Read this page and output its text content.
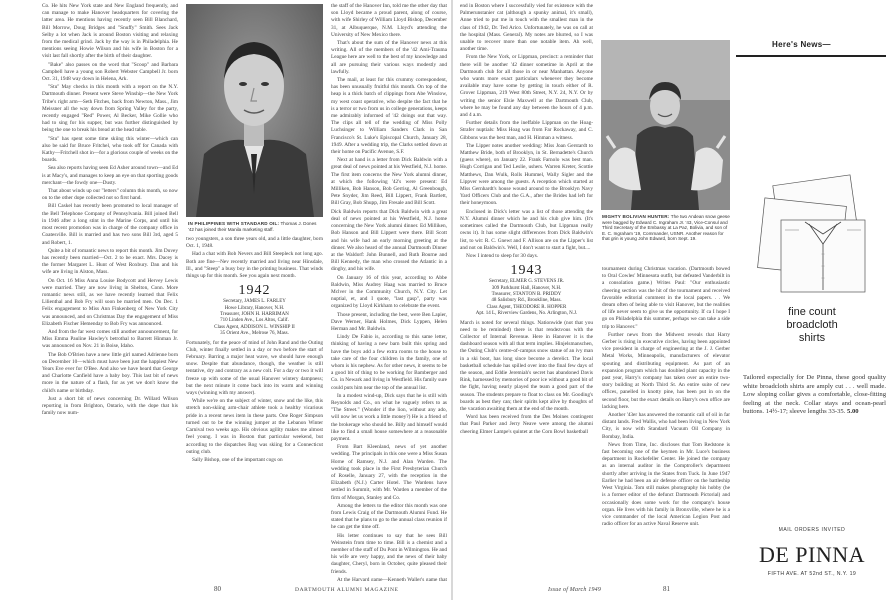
Co. He hits New York state and New England frequently, and can manage to make Hanover headquarters for covering the latter area. He mentions having recently seen Bill Blanchard, Bill Morrow, Doug Bridges and "Snuffy" Smith. Sees Jack Selby a lot when Jack is around Boston visiting and relaxing from the medical grind. Jack by the way is in Philadelphia. He mentions seeing Howie Wilson and his wife in Boston for a visit last fall shortly after the birth of their daughter.

"Bake" also passes on the word that "Scoop" and Barbara Campbell have a young son Robert Webster Campbell Jr. born Oct. 31, 1948 way down in Helena, Ark.

"Stu" May checks in this month with a report on the N.Y. Dartmouth dinner. Present were Steve Winship—the New York Tribe's right arm—Seth Fitches, back from Newton, Mass., Jim Meissner all the way down from Spring Valley for the party, recently engaged "Red" Power, Al Becker, Mike Gollie who had to sing for his supper, but was further distinguished by being the one to break his bread at the head table.

"Stu" has spent some time skiing this winter—which can also be said for Bruce Fritchel, who took off for Canada with Kathy—Fritchell shot in—for a glorious couple of weeks on the boards.

Sea also reports having seen Ed Asher around town—and Ed is at Macy's, and manages to keep an eye on that sporting goods merchant—the fowdy one—Dusty.

That about winds up our "letters" column this month, so now on to the other dope collected not so first hand.

Bill Caskel has recently been promoted to local manager of the Bell Telephone Company of Pennsylvania. Bill joined Bell in 1946 after a long stint in the Marine Corps, and until his most recent promotion was in charge of the company office in Coatesville. Bill is married and has two sons Bill 3rd, aged 5 and Robert, 1.

Quite a bit of romantic news to report this month. Jim Duvey has recently been married—Oct. 2 to be exact. Mrs. Dacey is the former Margaret L. Hunt of West Roxbury. Dan and his wife are living in Alston, Mass.

On Oct. 16 Miss Anna Louise Bodycott and Hervey Lewis were married. They are now living in Shelton, Conn. More romantic news still, as we have recently learned that Felix Lilienthal and Bob Fry will soon be married men. On Dec. 1 Felix engagement to Miss Ann Finkenberg of New York City was announced, and on Christmas Day the engagement of Miss Elizabeth Fischer Hemenday to Bob Fry was announced.

And from the far west comes still another announcement, for Miss Emma Pauline Hawley's betrothal to Barrett Hinman Jr. was announced on Nov. 21 in Boise, Idaho.

The Bob O'Brien have a new little girl named Adrienne born on December 10—which must have been just the happiest New Years Eve ever for O'Bee. And also we have heard that George and Charlotte Canfield have a baby boy. This last bit of news more in the nature of a flash, for as yet we don't know the child's name or birthday.

Just a short bit of news concerning Dr. Willard Wilson reporting in from Brighton, Ontario, with the dope that his family now num-

IN PHILIPPINES WITH STANDARD OIL: Thomas J. Dones '42 has joined their Manila marketing staff.

two youngsters, a son three years old, and a little daughter, born Oct. 1, 1948.

Had a chat with Bob Nevers and Bill Steepleck not long ago. Both are fine—Nev recently married and living near Hinsdale, Ill., and "Steep" a busy boy in the printing business. That winds things up for this month. See you again next month.

1942
Secretary, JAMES L. FARLEY
Howe Library, Hanover, N.H.
Treasurer, JOHN H. HARRIMAN
710 Linden Ave., Los Altos, Calif.
Class Agent, ADDISON L. WINSHIP II
35 Orient Ave., Melrose 76, Mass.

Fortunately, for the peace of mind of John Rand and the Outing Club, winter finally settled in a day or two before the start of February. Barring a major heat wave, we should have enough snow. Despite that abundance, though, the weather is still tentative, dry and contrary as a new colt. For a day or two it will freeze up with some of the usual Hanover wintery dampness; but the next minute it come back into its warm and winning ways (winning with my answer).

While we're on the subject of winter, snow and the like, this stretch non-skiing arm-chair athlete took a healthy vicarious pride in a recent news item in these parts. One Roger Simpson turned out to be the winning jumper at the Lebanon Winter Carnival two weeks ago. His obvious agility makes me almost feel young. I was in Boston that particular weekend, but according to the dispatches Rog was skiing for a Connecticut outing club.

Sally Bishop, one of the important cogs on

the staff of the Hanover Inn, told me the other day that son Lloyd became a proud parent, along of course, with wife Shirley of William Lloyd Bishop, December 31, at Albuquerque, N.M. Lloyd's attending the University of New Mexico there.

That's about the sum of the Hanover news at this writing. All of the members of the '42 Ami-Trauma League here are well to the best of my knowledge and all are pursuing their various ways modestly and lawfully.

The mail, at least for this crummy correspondent, has been unusually fruitful this month. On top of the heap is a thick batch of clippings from Abe Winslow, my west coast operative, who despite the fact that he is a terror or two from us in college generations, keeps me admirably informed of '42 doings out that way. The clips all tell of the wedding of Miss Polly Luchsinger to William Sanders Clark in San Francisco's St. Luke's Episcopal Church, January 28, 1949. After a wedding trip, the Clarks settled down at their home on Pacific Avenue, S.F.

Next at hand is a letter from Dick Baldwin with a great deal of news pointed at his Westfield, N.J. home. The first item concerns the New York alumni dinner, at which the following '42's were present: Ed Milliken, Bob Hanson, Bob Gerrisg, Al Greenbough, Pete Snyder, Jim Reed, Bill Lippert, Frank Bartlett, Bill Gray, Bob Shupp, Jim Fresale and Bill Scott.

Dick Baldwin reports that Dick Baldwin with a great deal of news pointed at his Westfield, N.J. home concerning the New York alumni dinner. Ed Milliken, Bob Hanson and Bill Lippert were there. Bill Scott and his wife had an early morning greeting at the dinner. We also heard of the annual Dartmouth Dinner at the Waldorf: John Bunnell, and Ruth Bourne and Bill Kennedy, the man who crossed the Atlantic in a dinghy, and his wife.

On January 16 of this year, according to Abbe Baldwin, Miss Audrey Haag was married to Bruce Mclver in the Community Church, N.Y. City. Let nuptial, et, and I quote, "last gasp", party was organized by Lloyd Kirkham to celebrate the event.

Those present, including the best, were Ben Lapier, Dave Werner, Hank Holmes, Dick Lyppen, Helen Herman and Mr. Baldwin.

Lindy De Fabio is, according to this same letter, thinking of having a new barn built this spring and have the boys add a few extra rooms to the house to take care of the four children in the family, one of whom is his nephew. As for other news, it seems to be a good bit of thing to be working for Bamberger and Co. in Newark and living in Westfield. His family sure could puts him near the top of the annual list.

In a modest wind-up, Dick says that he is still with Reynolds and Co., on what he vaguely refers to as "The Street." (Wonder if the lion, without any ado, will now let us work a little money?) He is a friend of the brokerage who should be. Billy and himself would like to find a small house somewhere at a reasonable payment.

From Bart Kleenland, news of yet another wedding. The principals in this one were a Miss Susan Horne of Ramsey, N.J. and Alan Warden. The wedding took place in the First Presbyterian Church of Roselle, January 27, with the reception in the Elizabeth (N.J.) Carter Hotel. The Wardens have settled in Summit, with Mr. Warden a member of the firm of Morgan, Stanley and Co.

Among the letters to the editor this month was one from Lewis Craig of the Dartmouth Alumni Fund. He stated that he plans to go to the annual class reunion if he can get the time off.

His letter continues to say that he sees Bill Weinstein from time to time. Bill is a chemist and a member of the staff of Du Pont in Wilmington. He and his wife are very happy, and the news of their baby daughter, Cheryl, born in October, quite pleased their friends.

At the Harvard game—Kenneth Waller's game that

80	DARTMOUTH ALUMNI MAGAZINE

end in Boston where I successfully vied for existence with the Palmerunstanier cat (although a spunky animal, it's small), Anne tried to put me in touch with the smallest man in the class of 1942, Dr. Ted Arico. Unfortunately, he was on call at the hospital (Mass. General). My notes are blurred, so I was unable to recover more than one notable item. Ah well, another time.

From the New York, or Lippman, precinct: a reminder that there will be another '42 dinner sometime in April at the Dartmouth club for all those in or near Manhattan. Anyone who wants more exact particulars whenever they become available may have some by getting in touch either of R. Grover Lippman, 219 West 80th Street, N.Y. 24, N.Y. Or by writing the senior Elsie Maxwell at the Dartmouth Club, where he may be found any day between the hours of 4 p.m. and 4 a.m.

Further details from the ineffable Lippman on the Hoag-Strafer nuptials: Miss Hoag was from Far Rockaway, and C. Gibbons was the best man, and H. Hinman a witness.

The Lipper notes another wedding: Miss Joan Gerstardt to Matthew Bride, both of Brooklyn, in St. Bernadette's Church (guess where), on January 22. Frank Farnolo was best man. Hugh Corrigan and Ted Leslie, ushers. Warren Kreter, Scottie Matthews, Dan Wulk, Rolls Hummel, Wally Sigler and the Lippver were among the guests. A reception which started at Miss Gernhardt's house wound around to the Brooklyn Navy Yard Officers Club and the G.A., after the Brides had left for their honeymoon.

Enclosed in Dick's letter was a list of those attending the N.Y. Alumni dinner which he and his club give him. (It's sometimes called the Dartmouth Club, but Lippman really owns it). It has some slight differences from Dick Baldwin's list, to wit: R. C. Gnewt and F. Allison are on the Lipper's list and not on Baldwin's. Well, I don't want to start a fight, but....

Now I intend to sleep for 30 days.

1943
Secretary, ELMER G. STEVENS JR.
309 Parkhurst Hall, Hanover, N.H.
Treasurer, STANTON B. PRIDDY
48 Salisbury Rd., Brookline, Mass.
Class Agent, THEODORE R. HOPPER
Apt. 14 L, Riverview Gardens, No. Arlington, N.J.

March is noted for several things. Nationwide (not that you need to be reminded) there is that rendezvous with the Collector of Internal Revenue. Here in Hanover it is the dashboard season with all that term implies. Hinjelsmanschen, the Outing Club's centre-of-campus snow statue of an ivy man in a ski boot, has long since become a derelict. The local basketball schedule has spilled over into the final few days of the season, and Eddie Jeremiah's secret has abandoned Davis Rink, harnessed by memories of poor ice without a good bit of the fight, having nearly played the team a good part of the season. The students prepare to float to class on Mr. Gooding's boards as best they can; their spirits kept alive by thoughts of the vacation awaiting them at the end of the month.

Word has been received from the Des Moines contingent that Paul Parker and Jerry Neave were among the alumni cheering Elmer Lampe's quintet at the Corn Bowl basketball

MIGHTY BOLIVIAN HUNTER: The two Andean snow geese were bagged by Edward C. Ingraham Jr. '43, Vice-Consul and Third Secretary of the Embassy at La Paz, Bolivia, and son of E. C. Ingraham '19, Commander, USNR. Another reason for that grin is young John Edward, born Sept. 19.

tournament during Christmas vacation. (Dartmouth bowed to Oral Cowles' Minnesota outfit, but defeated Vanderbilt in a consolation game.) Writes Paul: "Our enthusiastic cheering section was the hit of the tournament and received favorable editorial comment in the local papers. . . We dream often of being able to visit Hanover, but the realities of life never seem to give us the opportunity. If ca I hope I go on Philadelphia this summer, perhaps we can take a side trip to Hanover."

Further news from the Midwest reveals that Harry Gerber is rising in executive circles, having been appointed vice president in charge of engineering at the J. J. Gerber Metal Works, Minneapolis, manufacturers of elevator spouting and distributing equipment. As part of an expansion program which has doubled plant capacity in the past year, Harry's company has taken over an entire two-story building at North Third St. An entire suite of new offices, panelled in knotty pine, has been put in on the second floor, but the exact details on Harry's own office are lacking here.

Another '43er has answered the romantic call of oil in far distant lands. Fred Wallis, who had been living in New York City, is now with Standard Vacuum Oil Company in Bombay, India.

News from Time, Inc. discloses that Tom Redstone is fast becoming one of the keymen in Mr. Luce's business department in Rockefeller Center. He joined the company as an internal auditor in the Comptroller's department shortly after arriving in the States from Tuck. In June 1947 Earlier he had been an air defense officer on the battleship West Virginia. Tom still makes photography his hobby (he is a former editor of the defunct Dartmouth Pictorial) and occasionally does some work for the company's house organ. He lives with his family in Bronxville, where he is a vice commander of the local American Legion Post and radio officer for an active Naval Reserve unit.

81
Issue of March 1949
Here's News—
fine count
broadcloth
shirts
Tailored especially for De Pinna, these good quality white broadcloth shirts are amply cut . . . well made. Low sloping collar gives a comfortable, close-fitting feeling at the neck. Collar stays and ocean-pearl buttons. 14½-17; sleeve lengths 33-35. 5.00
MAIL ORDERS INVITED
DE PINNA
FIFTH AVE. AT 52nd ST., N.Y. 19
